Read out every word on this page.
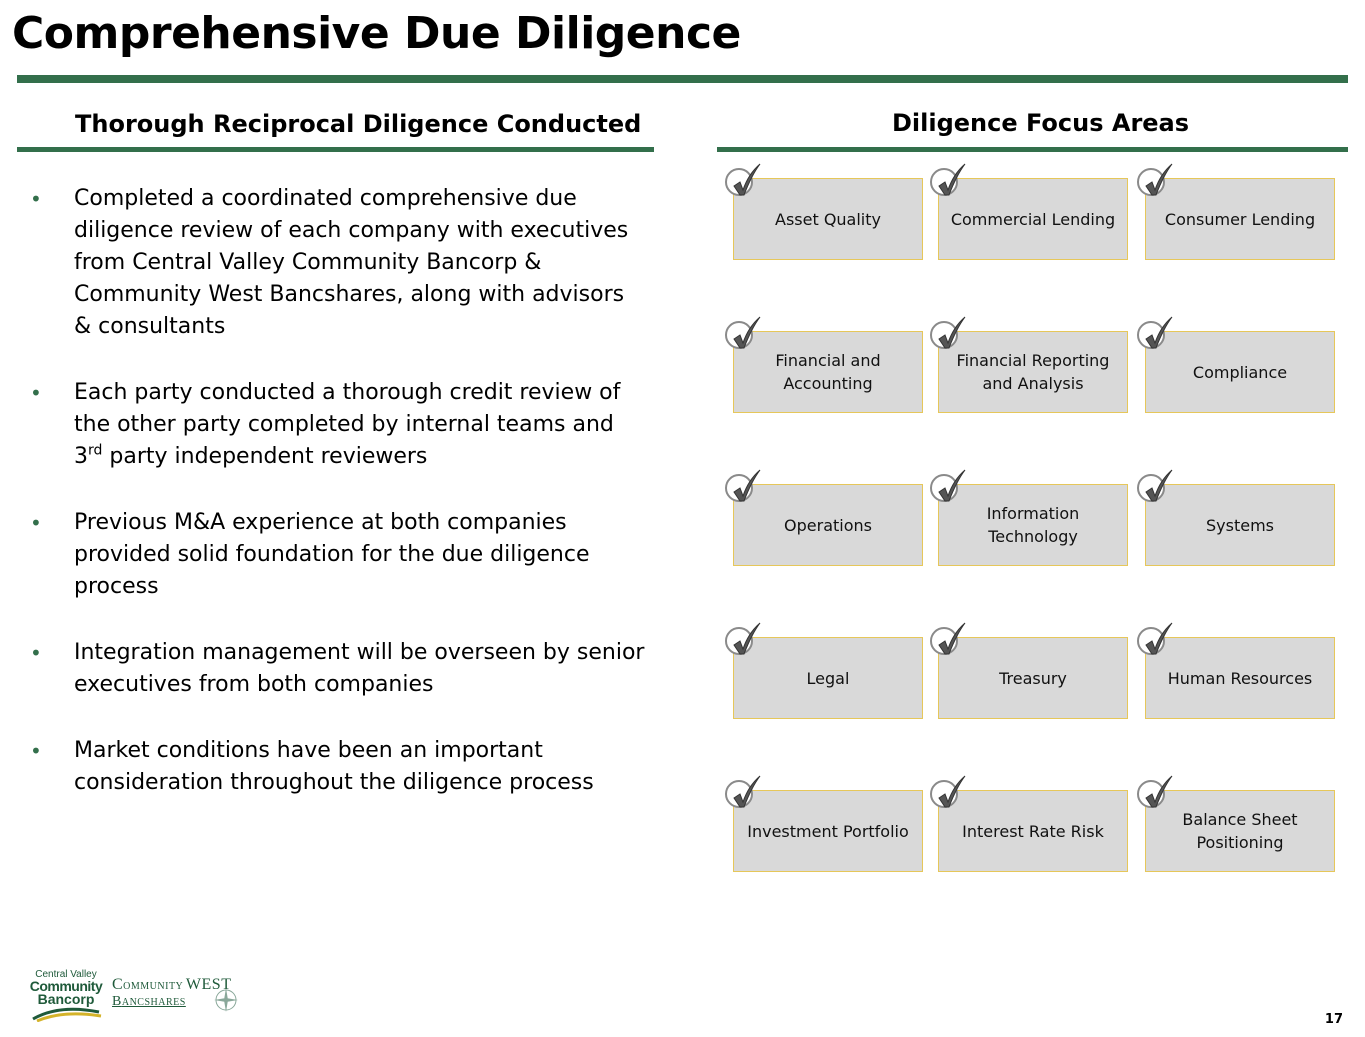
Comprehensive Due Diligence
Thorough Reciprocal Diligence Conducted	Diligence Focus Areas
• Completed a coordinated comprehensive due diligence review of each company with executives from Central Valley Community Bancorp & Community West Bancshares, along with advisors & consultants
• Each party conducted a thorough credit review of the other party completed by internal teams and 3rd party independent reviewers
• Previous M&A experience at both companies provided solid foundation for the due diligence process
• Integration management will be overseen by senior executives from both companies
• Market conditions have been an important consideration throughout the diligence process
Asset Quality	Commercial Lending	Consumer Lending
Financial and Accounting
Financial Reporting and Analysis
Compliance
Operations
Information Technology
Systems
Legal	Treasury	Human Resources
Investment Portfolio	Interest Rate Risk
Balance Sheet Positioning
Central Valley
Community
Bancorp
COMMUNITY WEST
BANCSHARES
17
